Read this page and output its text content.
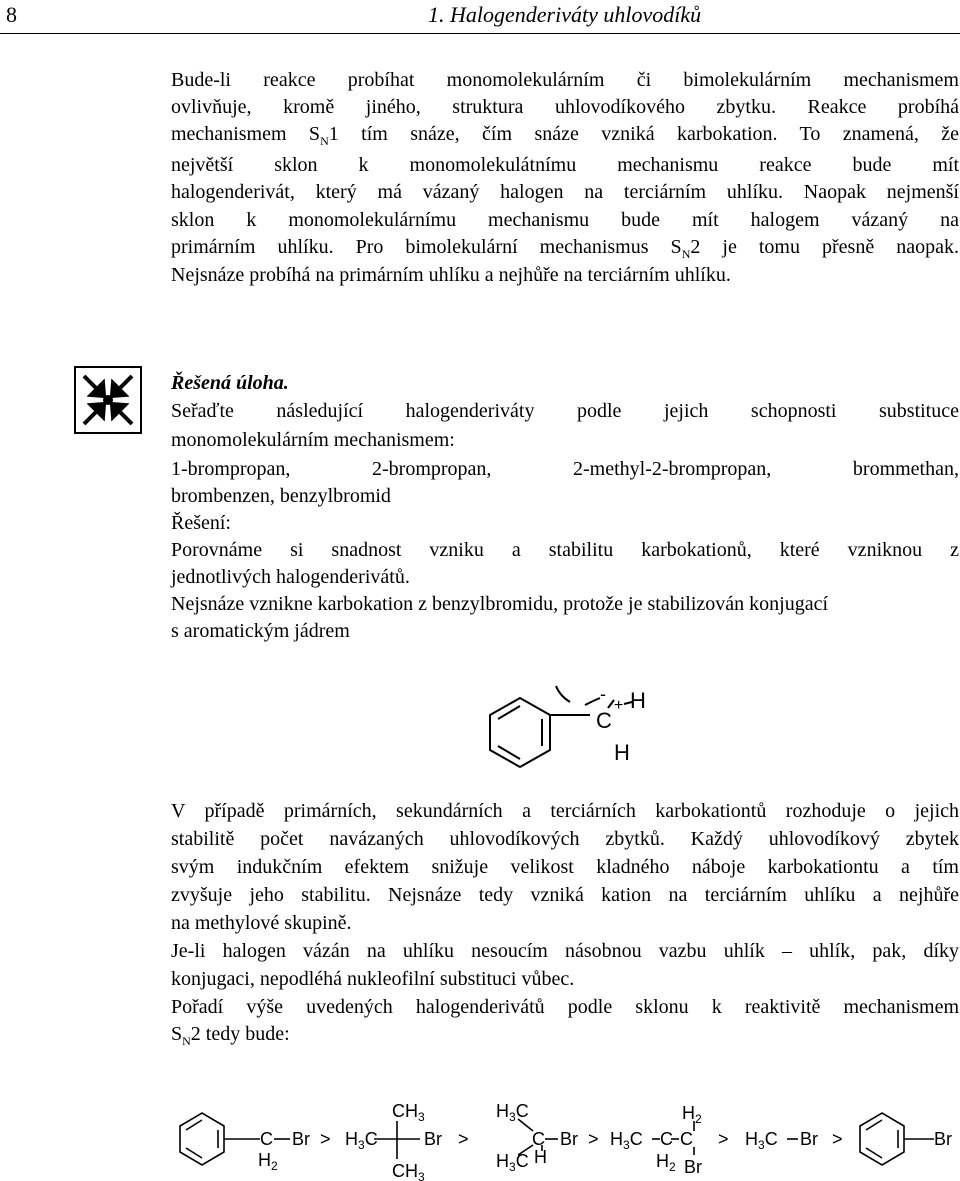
8	1. Halogenderiváty uhlovodíků

Bude-li reakce probíhat monomolekulárním či bimolekulárním mechanismem

ovlivňuje, kromě jiného, struktura uhlovodíkového zbytku. Reakce probíhá

mechanismem $S_N1$ tím snáze, čím snáze vzniká karbokation. To znamená, že

největší sklon k monomolekulátnímu mechanismu reakce bude mít

halogenderivát, který má vázaný halogen na terciárním uhlíku. Naopak nejmenší

sklon k monomolekulárnímu mechanismu bude mít halogem vázaný na

primárním uhlíku. Pro bimolekulární mechanismus $S_N2$ je tomu přesně naopak.

Nejsnáze probíhá na primárním uhlíku a nejhůře na terciárním uhlíku.

Řešená úloha.

Seřaďte následující halogenderiváty podle jejich schopnosti substituce

monomolekulárním mechanismem:

1-brompropan, 2-brompropan, 2-methyl-2-brompropan, brommethan,

brombenzen, benzylbromid

Řešení:

Porovnáme si snadnost vzniku a stabilitu karbokationů, které vzniknou z

jednotlivých halogenderivátů.

Nejsnáze vznikne karbokation z benzylbromidu, protože je stabilizován konjugací

s aromatickým jádrem

C
H
H
-
+

V případě primárních, sekundárních a terciárních karbokationtů rozhoduje o jejich

stabilitě počet navázaných uhlovodíkových zbytků. Každý uhlovodíkový zbytek

svým indukčním efektem snižuje velikost kladného náboje karbokationtu a tím

zvyšuje jeho stabilitu. Nejsnáze tedy vzniká kation na terciárním uhlíku a nejhůře

na methylové skupině.

Je-li halogen vázán na uhlíku nesoucím násobnou vazbu uhlík – uhlík, pak, díky

konjugaci, nepodléhá nukleofilní substituci vůbec.

Pořadí výše uvedených halogenderivátů podle sklonu k reaktivitě mechanismem

$S_N2$ tedy bude:

C Br
$H_2$
> $H_3C$	Br
$CH_3$
$CH_3$
>
$H_3C$
$H_3C$
C
H
$Br > H_3C$ C
$H_2$
C
$H_2$
Br
> $H_3C$ Br >	Br
